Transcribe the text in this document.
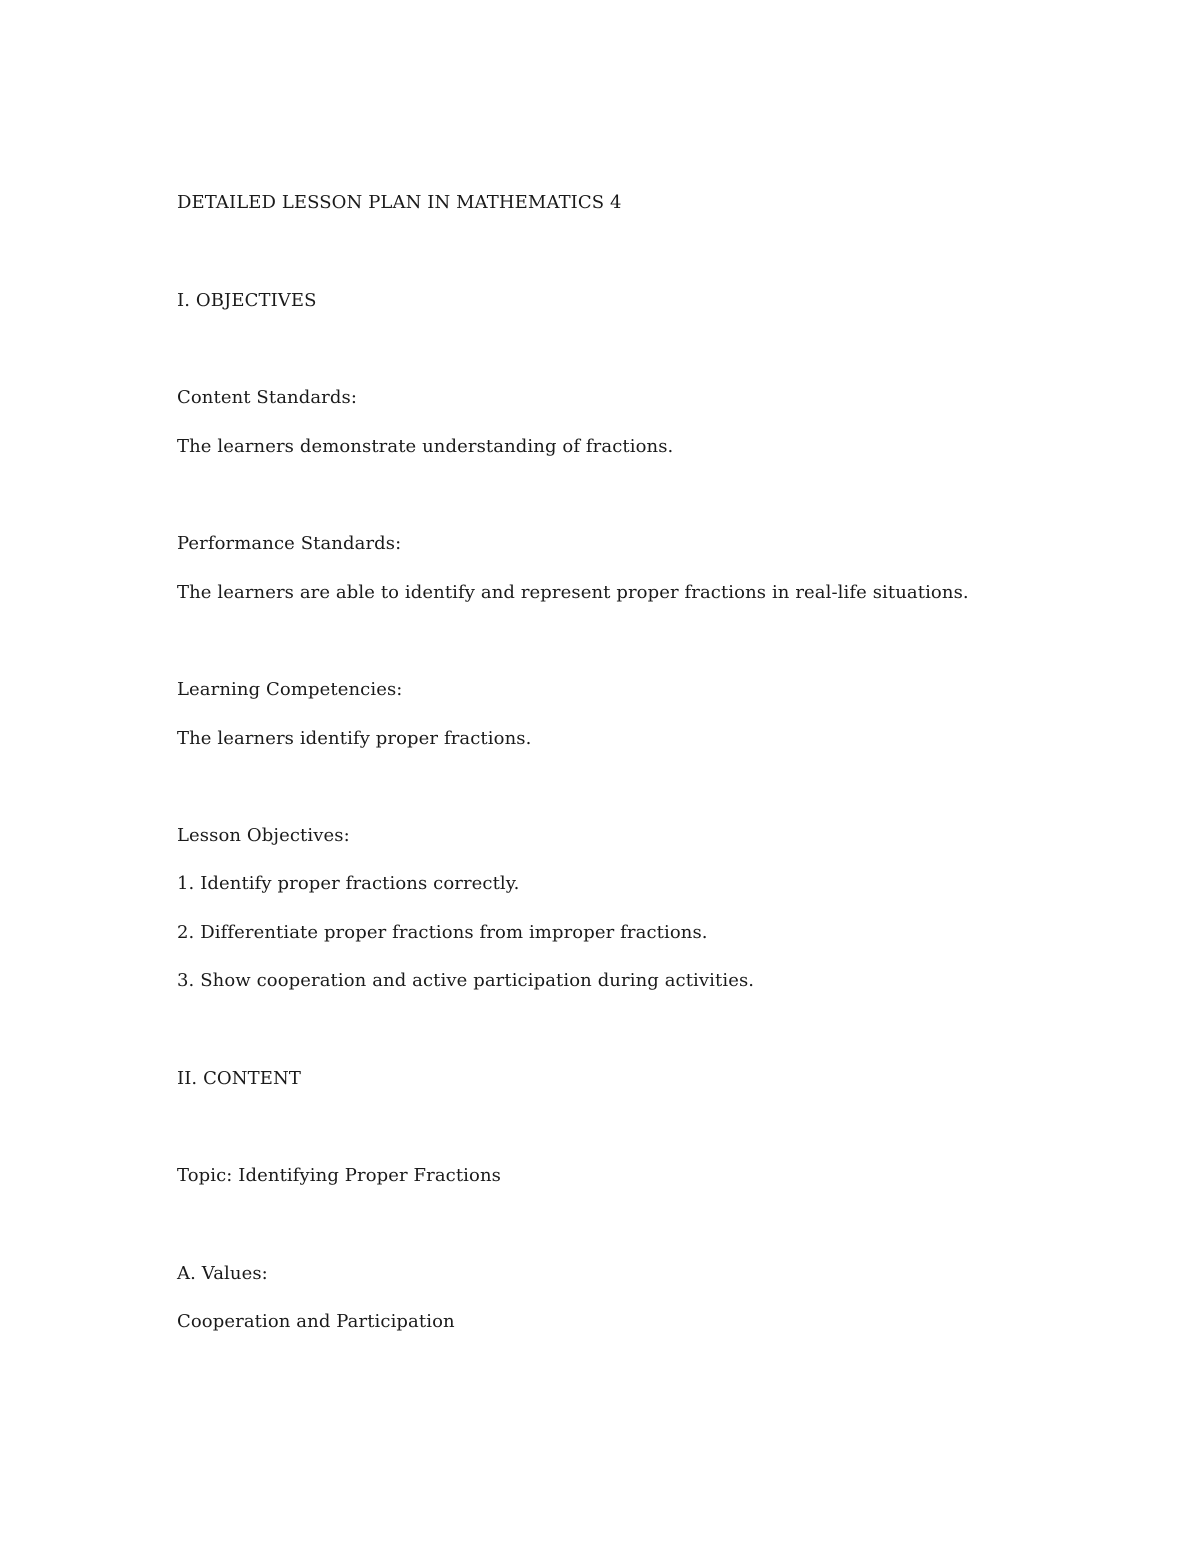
DETAILED LESSON PLAN IN MATHEMATICS 4
I. OBJECTIVES

Content Standards:

The learners demonstrate understanding of fractions.

Performance Standards:

The learners are able to identify and represent proper fractions in real-life situations.

Learning Competencies:

The learners identify proper fractions.

Lesson Objectives:

1. Identify proper fractions correctly.

2. Differentiate proper fractions from improper fractions.

3. Show cooperation and active participation during activities.

II. CONTENT

Topic: Identifying Proper Fractions

A. Values:

Cooperation and Participation
